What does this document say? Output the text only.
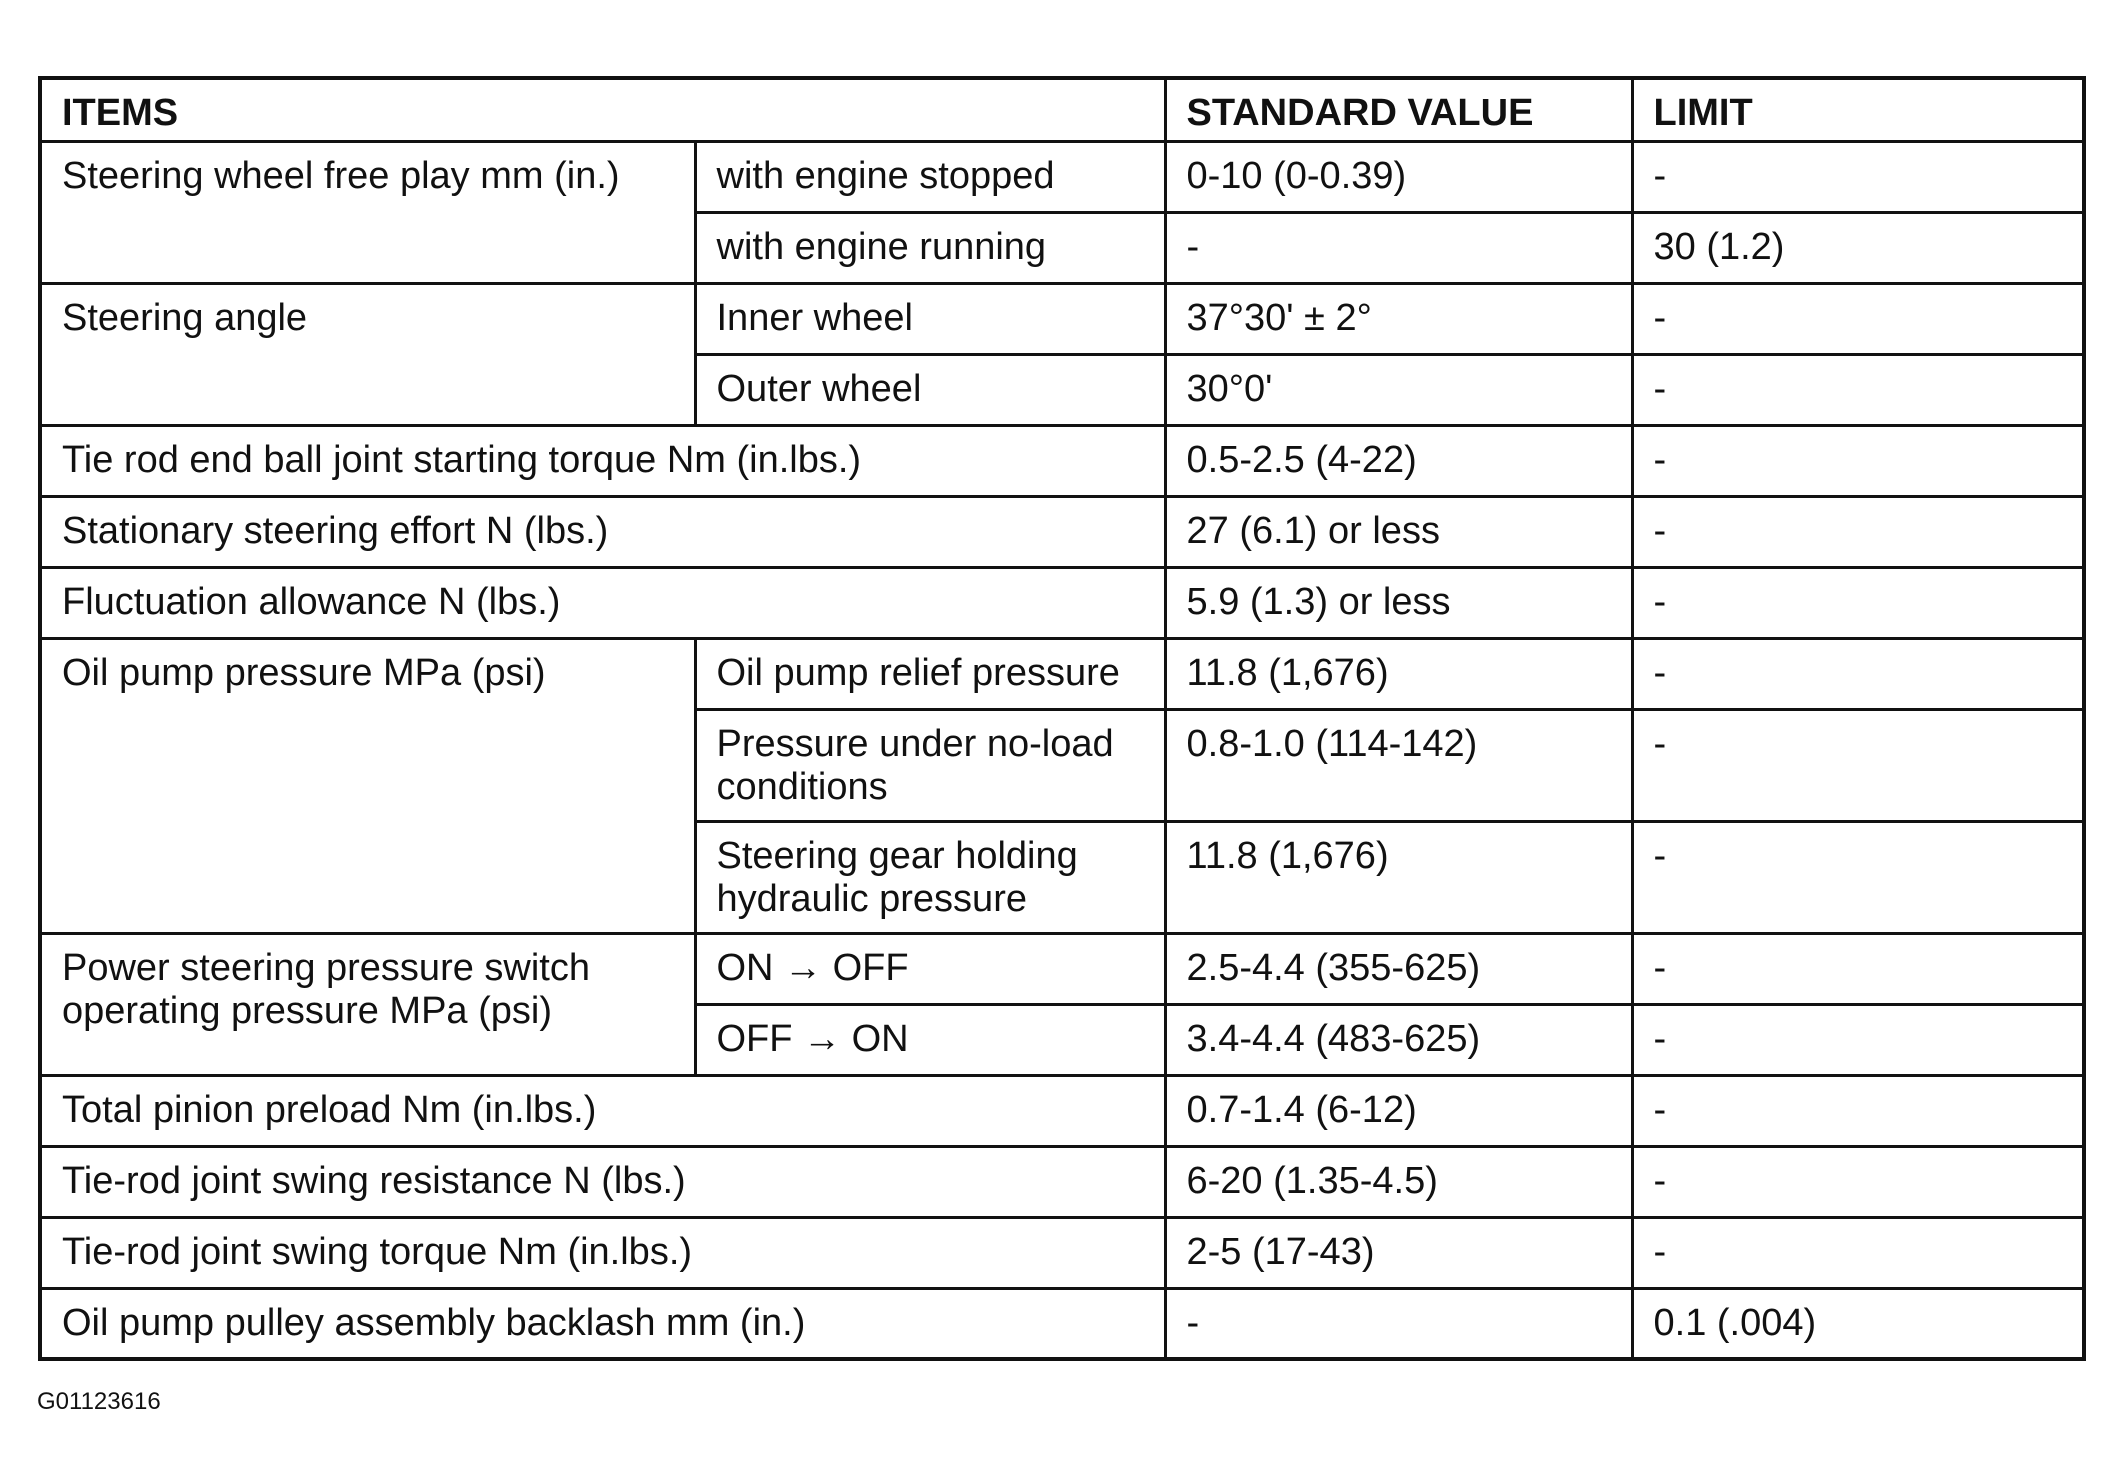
ITEMS		STANDARD VALUE	LIMIT
Steering wheel free play mm (in.)	with engine stopped	0-10 (0-0.39)	-
	with engine running	-	30 (1.2)
Steering angle	Inner wheel	37°30' ± 2°	-
	Outer wheel	30°0'	-
Tie rod end ball joint starting torque Nm (in.lbs.)		0.5-2.5 (4-22)	-
Stationary steering effort N (lbs.)		27 (6.1) or less	-
Fluctuation allowance N (lbs.)		5.9 (1.3) or less	-
Oil pump pressure MPa (psi)	Oil pump relief pressure	11.8 (1,676)	-
	Pressure under no-load conditions	0.8-1.0 (114-142)	-
	Steering gear holding hydraulic pressure	11.8 (1,676)	-
Power steering pressure switch operating pressure MPa (psi)	ON → OFF	2.5-4.4 (355-625)	-
	OFF → ON	3.4-4.4 (483-625)	-
Total pinion preload Nm (in.lbs.)		0.7-1.4 (6-12)	-
Tie-rod joint swing resistance N (lbs.)		6-20 (1.35-4.5)	-
Tie-rod joint swing torque Nm (in.lbs.)		2-5 (17-43)	-
Oil pump pulley assembly backlash mm (in.)		-	0.1 (.004)
G01123616
